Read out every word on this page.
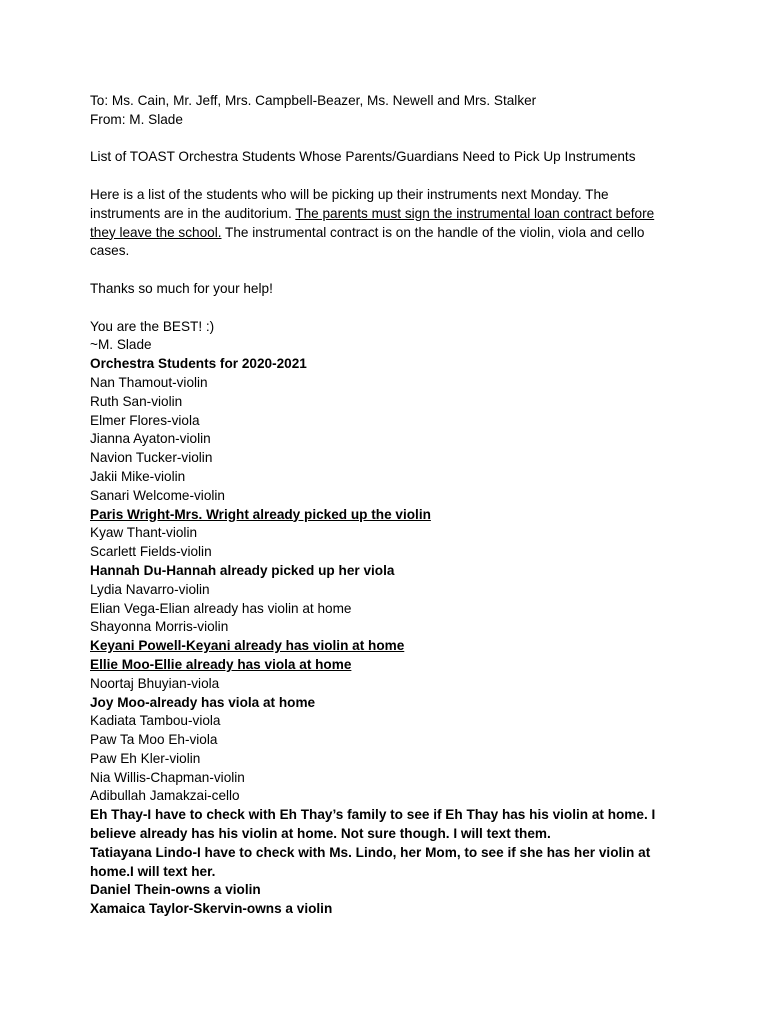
To: Ms. Cain, Mr. Jeff, Mrs. Campbell-Beazer, Ms. Newell and Mrs. Stalker
From: M. Slade
List of TOAST Orchestra Students Whose Parents/Guardians Need to Pick Up Instruments
Here is a list of the students who will be picking up their instruments next Monday. The instruments are in the auditorium. The parents must sign the instrumental loan contract before they leave the school. The instrumental contract is on the handle of the violin, viola and cello cases.
Thanks so much for your help!
You are the BEST! :)
~M. Slade
Orchestra Students for 2020-2021
Nan Thamout-violin
Ruth San-violin
Elmer Flores-viola
Jianna Ayaton-violin
Navion Tucker-violin
Jakii Mike-violin
Sanari Welcome-violin
Paris Wright-Mrs. Wright already picked up the violin
Kyaw Thant-violin
Scarlett Fields-violin
Hannah Du-Hannah already picked up her viola
Lydia Navarro-violin
Elian Vega-Elian already has violin at home
Shayonna Morris-violin
Keyani Powell-Keyani already has violin at home
Ellie Moo-Ellie already has viola at home
Noortaj Bhuyian-viola
Joy Moo-already has viola at home
Kadiata Tambou-viola
Paw Ta Moo Eh-viola
Paw Eh Kler-violin
Nia Willis-Chapman-violin
Adibullah Jamakzai-cello
Eh Thay-I have to check with Eh Thay’s family to see if Eh Thay has his violin at home. I believe already has his violin at home. Not sure though. I will text them.
Tatiayana Lindo-I have to check with Ms. Lindo, her Mom, to see if she has her violin at home.I will text her.
Daniel Thein-owns a violin
Xamaica Taylor-Skervin-owns a violin
